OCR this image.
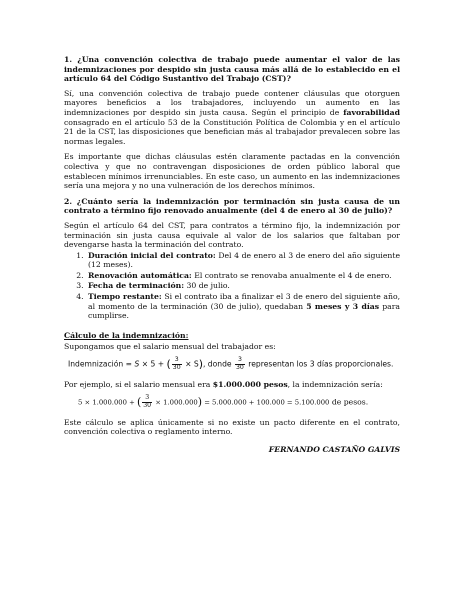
1. ¿Una convención colectiva de trabajo puede aumentar el valor de las indemnizaciones por despido sin justa causa más allá de lo establecido en el artículo 64 del Código Sustantivo del Trabajo (CST)?

Sí, una convención colectiva de trabajo puede contener cláusulas que otorguen mayores beneficios a los trabajadores, incluyendo un aumento en las indemnizaciones por despido sin justa causa. Según el principio de favorabilidad consagrado en el artículo 53 de la Constitución Política de Colombia y en el artículo 21 de la CST, las disposiciones que benefician más al trabajador prevalecen sobre las normas legales.

Es importante que dichas cláusulas estén claramente pactadas en la convención colectiva y que no contravengan disposiciones de orden público laboral que establecen mínimos irrenunciables. En este caso, un aumento en las indemnizaciones sería una mejora y no una vulneración de los derechos mínimos.

2. ¿Cuánto sería la indemnización por terminación sin justa causa de un contrato a término fijo renovado anualmente (del 4 de enero al 30 de julio)?

Según el artículo 64 del CST, para contratos a término fijo, la indemnización por terminación sin justa causa equivale al valor de los salarios que faltaban por devengarse hasta la terminación del contrato.

1. Duración inicial del contrato: Del 4 de enero al 3 de enero del año siguiente (12 meses).
2. Renovación automática: El contrato se renovaba anualmente el 4 de enero.
3. Fecha de terminación: 30 de julio.
4. Tiempo restante: Si el contrato iba a finalizar el 3 de enero del siguiente año, al momento de la terminación (30 de julio), quedaban 5 meses y 3 días para cumplirse.
Cálculo de la indemnización:

Supongamos que el salario mensual del trabajador es:

Indemnización = S × 5 + ( $\frac{3}{30} \times S$), donde $\frac{3}{30}$ representan los 3 días proporcionales.

Por ejemplo, si el salario mensual era $1.000.000 pesos, la indemnización sería:

5 × 1.000.000 + ( $\frac{3}{30} \times 1.000.000) = 5.000.000 + 100.000 = 5.100.000$ de pesos.

Este cálculo se aplica únicamente si no existe un pacto diferente en el contrato, convención colectiva o reglamento interno.

FERNANDO CASTAÑO GALVIS
